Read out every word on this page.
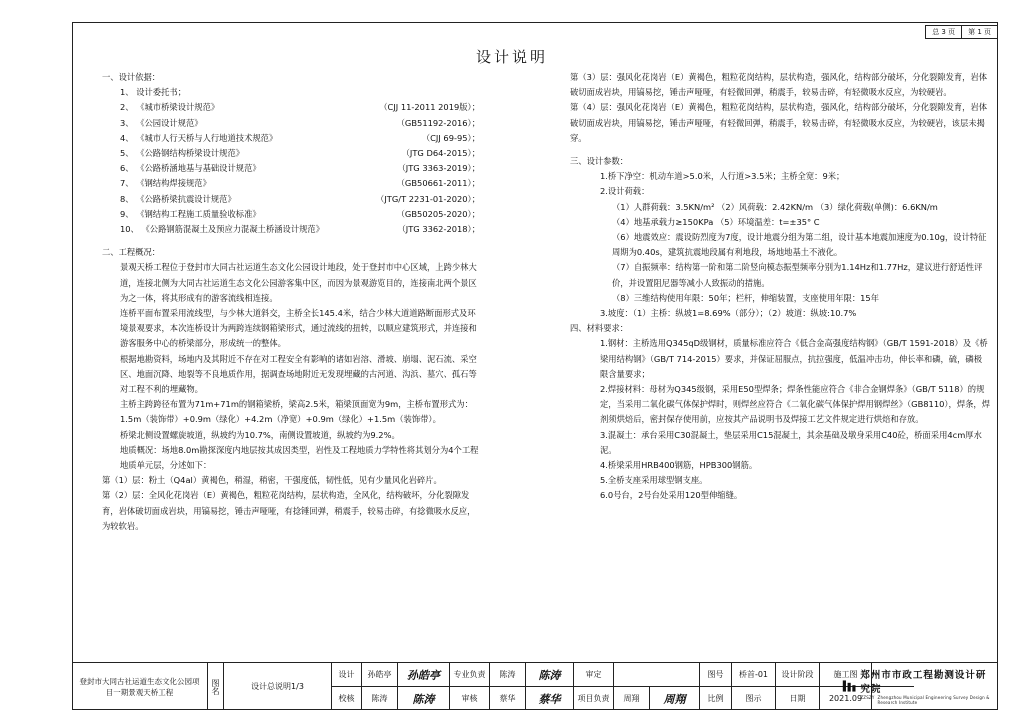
总 3 页	第 1 页
设计说明
一、设计依据：
1、 设计委托书；
2、 《城市桥梁设计规范》	（CJJ 11-2011 2019版）；
3、 《公园设计规范》	（GB51192-2016）；
4、 《城市人行天桥与人行地道技术规范》	（CJJ 69-95）；
5、 《公路钢结构桥梁设计规范》	（JTG D64-2015）；
6、 《公路桥涵地基与基础设计规范》	（JTG 3363-2019）；
7、 《钢结构焊接规范》	（GB50661-2011）；
8、 《公路桥梁抗震设计规范》	（JTG/T 2231-01-2020）；
9、 《钢结构工程施工质量验收标准》	（GB50205-2020）；
10、 《公路钢筋混凝土及预应力混凝土桥涵设计规范》	（JTG 3362-2018）；
二、工程概况：
景观天桥工程位于登封市大同古社运道生态文化公园设计地段，处于登封市中心区域，上跨少林大道，连接北侧为大同古社运道生态文化公园游客集中区，而因为景观游览目的，连接南北两个景区为之一体，将其形成有的游客流线相连接。
连桥平面布置采用流线型，与少林大道斜交，主桥全长145.4米，结合少林大道道路断面形式及环境景观要求，本次连桥设计为两跨连续钢箱梁形式，通过流线的扭转，以顺应建筑形式，并连接和游客服务中心的桥梁部分，形成统一的整体。
根据地勘资料，场地内及其附近不存在对工程安全有影响的诸如岩溶、滑坡、崩塌、泥石流、采空区、地面沉降、地裂等不良地质作用，据调查场地附近无发现埋藏的古河道、沟浜、墓穴、孤石等对工程不利的埋藏物。
主桥主跨跨径布置为71m+71m的钢箱梁桥，梁高2.5米，箱梁顶面宽为9m，主桥布置形式为：1.5m（装饰带）+0.9m（绿化）+4.2m（净宽）+0.9m（绿化）+1.5m（装饰带）。
桥梁北侧设置螺旋坡道，纵坡约为10.7%，南侧设置坡道，纵坡约为9.2%。
地质概况：场地8.0m勘探深度内地层按其成因类型，岩性及工程地质力学特性将其划分为4个工程地质单元层，分述如下：
第（1）层：粉土（Q4al）黄褐色，稍湿，稍密，干强度低，韧性低，见有少量风化岩碎片。
第（2）层：全风化花岗岩（E）黄褐色，粗粒花岗结构，层状构造，全风化，结构破坏，分化裂隙发育，岩体破切面成岩块，用镐易挖，锤击声哑哑，有捻锤回弹，稍震手，较易击碎，有捻微吸水反应，为较软岩。
第（3）层：强风化花岗岩（E）黄褐色，粗粒花岗结构，层状构造，强风化，结构部分破坏，分化裂隙发育，岩体破切面成岩块，用镐易挖，锤击声哑哑，有轻微回弹，稍震手，较易击碎，有轻微吸水反应，为较硬岩。
第（4）层：强风化花岗岩（E）黄褐色，粗粒花岗结构，层状构造，强风化，结构部分破坏，分化裂隙发育，岩体破切面成岩块，用镐易挖，锤击声哑哑，有轻微回弹，稍震手，较易击碎，有轻微吸水反应，为较硬岩，该层未揭穿。
三、设计参数：
1.桥下净空：机动车道>5.0米，人行道>3.5米；主桥全宽：9米；
2.设计荷载：
（1）人群荷载：3.5KN/m² （2）风荷载：2.42KN/m （3）绿化荷载(单侧)：6.6KN/m
（4）地基承载力≥150KPa （5）环境温差：t=±35° C
（6）地震效应：震设防烈度为7度，设计地震分组为第二组，设计基本地震加速度为0.10g，设计特征周期为0.40s，建筑抗震地段属有利地段，场地地基土不液化。
（7）自振频率：结构第一阶和第二阶竖向模态振型频率分别为1.14Hz和1.77Hz，建议进行舒适性评价，并设置阻尼器等减小人致振动的措施。
（8）三维结构使用年限：50年；栏杆，伸缩装置，支座使用年限：15年
3.坡度：（1）主桥：纵坡1=8.69%（部分）；（2）坡道：纵坡:10.7%
四、材料要求：
1.钢材：主桥选用Q345qD级钢材，质量标准应符合《低合金高强度结构钢》（GB/T 1591-2018）及《桥梁用结构钢》（GB/T 714-2015）要求，并保证屈服点，抗拉强度，低温冲击功，伸长率和磷，硫，磷极限含量要求；
2.焊接材料：母材为Q345级钢，采用E50型焊条；焊条性能应符合《非合金钢焊条》（GB/T 5118）的规定，当采用二氧化碳气体保护焊时，则焊丝应符合《二氧化碳气体保护焊用钢焊丝》（GB8110），焊条，焊剂须烘焙后，密封保存使用前，应按其产品说明书及焊接工艺文件规定进行烘焙和存放。
3.混凝土：承台采用C30混凝土，垫层采用C15混凝土，其余基础及墩身采用C40砼，桥面采用4cm厚水泥。
4.桥梁采用HRB400钢筋，HPB300钢筋。
5.全桥支座采用球型钢支座。
6.0号台，2号台处采用120型伸缩缝。
登封市大同古社运道生态文化公园项目一期景观天桥工程	图名	设计总说明1/3
设计	孙皓亭	孙皓亭	专业负责	陈涛	陈涛	审定
校核	陈涛	陈涛	审核	蔡华	蔡华	项目负责	周翔	周翔
图号	桥首-01	设计阶段	施工图
比例	图示	日期	2021.09
郑州市市政工程勘测设计研究院
ZZSZY Zhengzhou Municipal Engineering Survey Design & Research Institute
